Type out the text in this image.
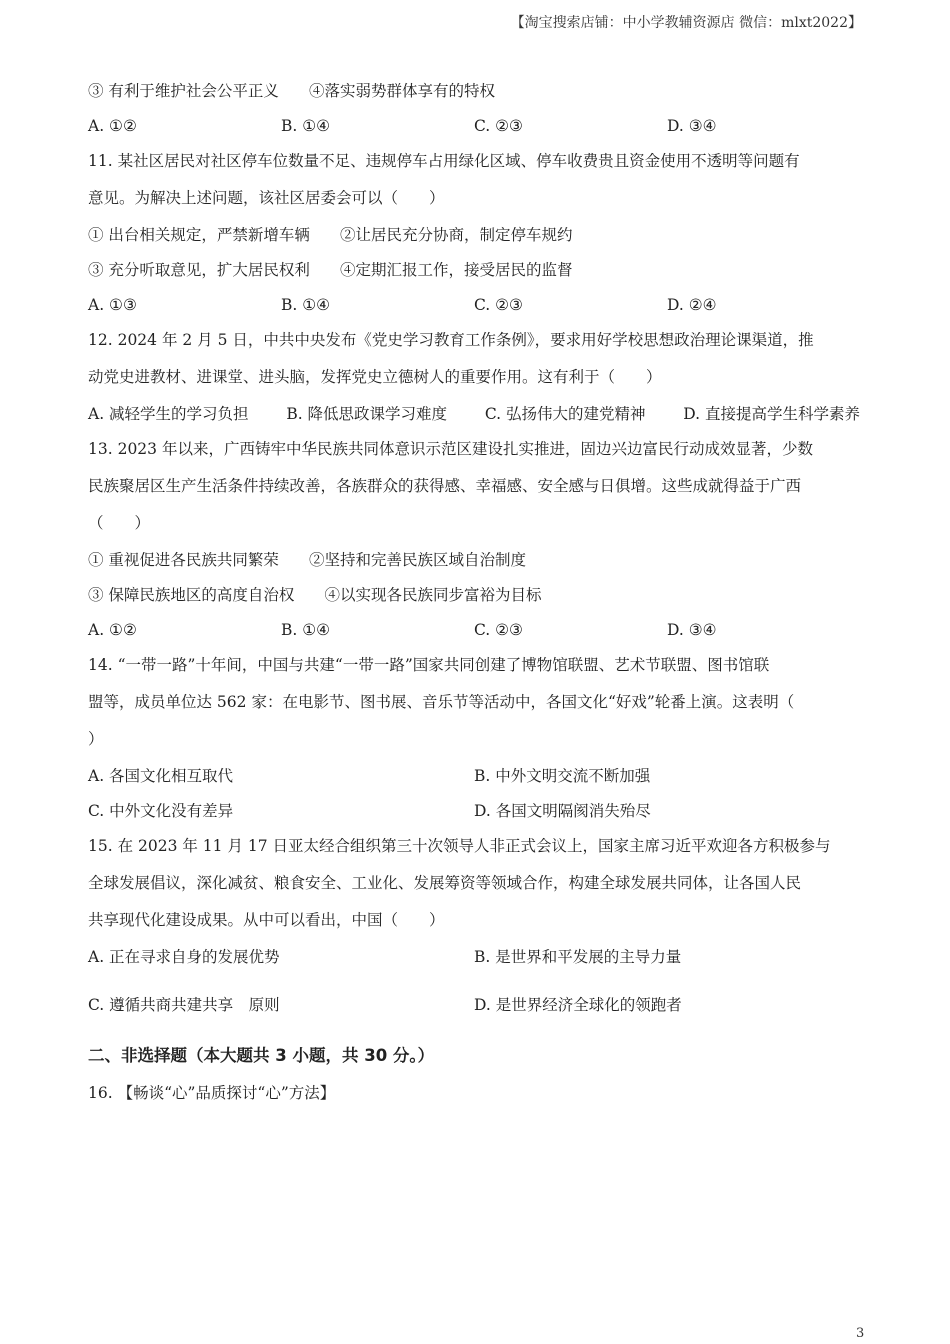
【淘宝搜索店铺：中小学教辅资源店 微信：mlxt2022】
③ 有利于维护社会公平正义 ④落实弱势群体享有的特权
A. ①②	B. ①④	C. ②③	D. ③④
11. 某社区居民对社区停车位数量不足、违规停车占用绿化区域、停车收费贵且资金使用不透明等问题有
意见。为解决上述问题，该社区居委会可以（　　）
① 出台相关规定，严禁新增车辆 ②让居民充分协商，制定停车规约
③ 充分听取意见，扩大居民权利 ④定期汇报工作，接受居民的监督
A. ①③	B. ①④	C. ②③	D. ②④
12. 2024 年 2 月 5 日，中共中央发布《党史学习教育工作条例》，要求用好学校思想政治理论课渠道，推
动党史进教材、进课堂、进头脑，发挥党史立德树人的重要作用。这有利于（　　）
A. 减轻学生的学习负担 B. 降低思政课学习难度 C. 弘扬伟大的建党精神 D. 直接提高学生科学素养
13. 2023 年以来，广西铸牢中华民族共同体意识示范区建设扎实推进，固边兴边富民行动成效显著，少数
民族聚居区生产生活条件持续改善，各族群众的获得感、幸福感、安全感与日俱增。这些成就得益于广西
（　　）
① 重视促进各民族共同繁荣 ②坚持和完善民族区域自治制度
③ 保障民族地区的高度自治权 ④以实现各民族同步富裕为目标
A. ①②	B. ①④	C. ②③	D. ③④
14. “一带一路”十年间，中国与共建“一带一路”国家共同创建了博物馆联盟、艺术节联盟、图书馆联
盟等，成员单位达 562 家：在电影节、图书展、音乐节等活动中，各国文化“好戏”轮番上演。这表明（
）
A. 各国文化相互取代	B. 中外文明交流不断加强
C. 中外文化没有差异	D. 各国文明隔阂消失殆尽
15. 在 2023 年 11 月 17 日亚太经合组织第三十次领导人非正式会议上，国家主席习近平欢迎各方积极参与
全球发展倡议，深化减贫、粮食安全、工业化、发展筹资等领域合作，构建全球发展共同体，让各国人民
共享现代化建设成果。从中可以看出，中国（　　）
A. 正在寻求自身的发展优势	B. 是世界和平发展的主导力量
C. 遵循共商共建共享　原则	D. 是世界经济全球化的领跑者
二、非选择题（本大题共 3 小题，共 30 分。）
16. 【畅谈“心”品质探讨“心”方法】
3
